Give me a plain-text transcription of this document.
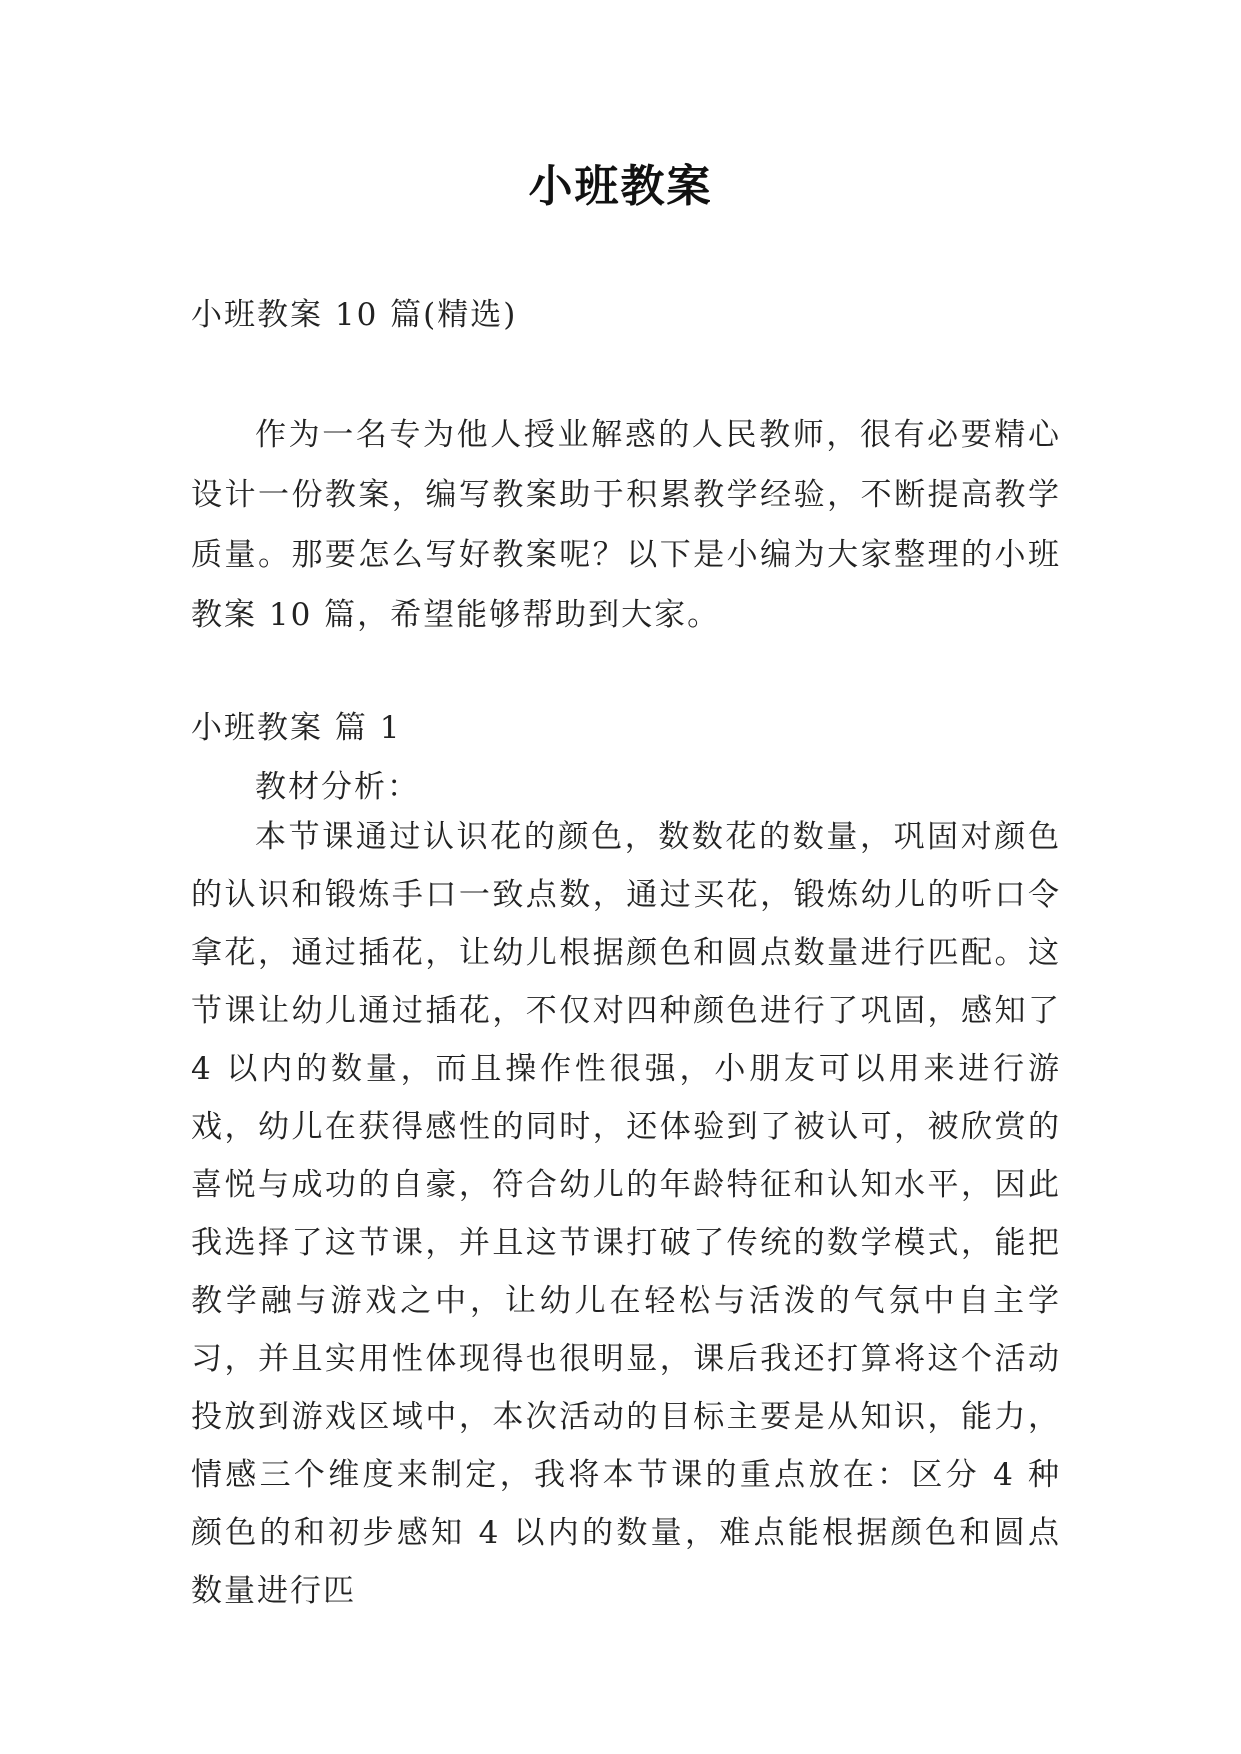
小班教案
小班教案 10 篇(精选)
作为一名专为他人授业解惑的人民教师，很有必要精心设计一份教案，编写教案助于积累教学经验，不断提高教学质量。那要怎么写好教案呢？以下是小编为大家整理的小班教案 10 篇，希望能够帮助到大家。
小班教案 篇 1
教材分析：
本节课通过认识花的颜色，数数花的数量，巩固对颜色的认识和锻炼手口一致点数，通过买花，锻炼幼儿的听口令拿花，通过插花，让幼儿根据颜色和圆点数量进行匹配。这节课让幼儿通过插花，不仅对四种颜色进行了巩固，感知了 4 以内的数量，而且操作性很强，小朋友可以用来进行游戏，幼儿在获得感性的同时，还体验到了被认可，被欣赏的喜悦与成功的自豪，符合幼儿的年龄特征和认知水平，因此我选择了这节课，并且这节课打破了传统的数学模式，能把教学融与游戏之中，让幼儿在轻松与活泼的气氛中自主学习，并且实用性体现得也很明显，课后我还打算将这个活动投放到游戏区域中，本次活动的目标主要是从知识，能力，情感三个维度来制定，我将本节课的重点放在：区分 4 种颜色的和初步感知 4 以内的数量，难点能根据颜色和圆点数量进行匹
